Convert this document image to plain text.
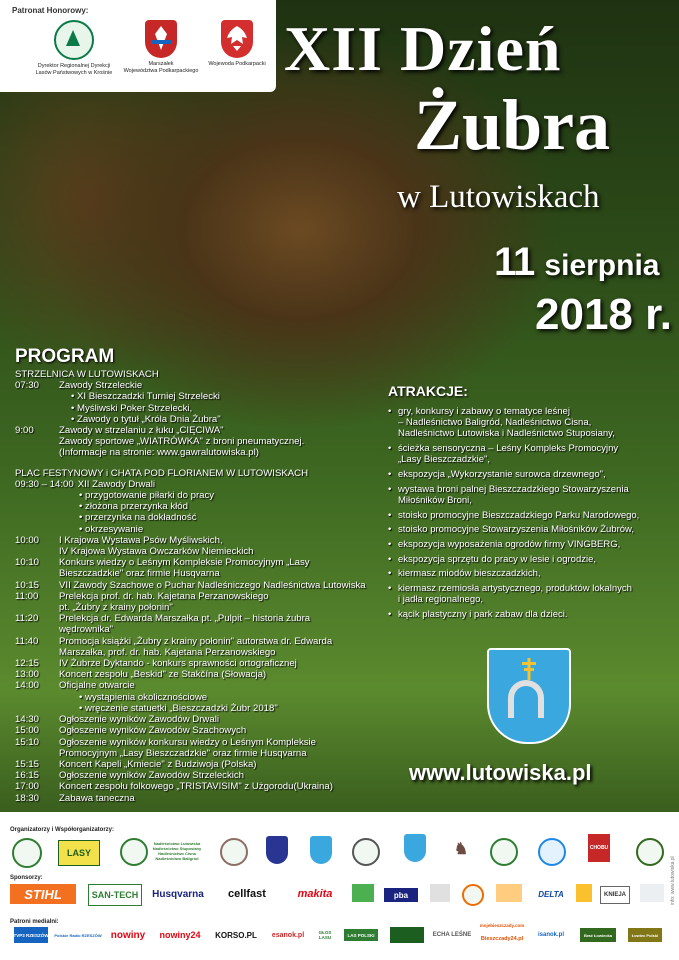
Patronat Honorowy:
Dyrektor Regionalnej Dyrekcji
Lasów Państwowych w Krośnie
Marszałek
Województwa Podkarpackiego
Wojewoda Podkarpacki XII Dzień
Żubra
w Lutowiskach
11 sierpnia
2018 r.
PROGRAM
STRZELNICA W LUTOWISKACH
07:30	Zawody Strzeleckie
• XI Bieszczadzki Turniej Strzelecki
• Myśliwski Poker Strzelecki,
• Zawody o tytuł „Króla Dnia Żubra"
9:00	Zawody w strzelaniu z łuku „CIĘCIWA"
Zawody sportowe „WIATRÓWKA" z broni pneumatycznej.
(Informacje na stronie: www.gawralutowiska.pl)
PLAC FESTYNOWY i CHATA POD FLORIANEM W LUTOWISKACH
09:30 – 14:00 XII Zawody Drwali
• przygotowanie piłarki do pracy
• złożona przerzynka kłód
• przerzynka na dokładność
• okrzesywanie
10:00	I Krajowa Wystawa Psów Myśliwskich,
IV Krajowa Wystawa Owczarków Niemieckich
10:10	Konkurs wiedzy o Leśnym Kompleksie Promocyjnym „Lasy
Bieszczadzkie" oraz firmie Husqvarna
10:15	VII Zawody Szachowe o Puchar Nadleśniczego Nadleśnictwa Lutowiska
11:00	Prelekcja prof. dr. hab. Kajetana Perzanowskiego
pt. „Żubry z krainy połonin"
11:20	Prelekcja dr. Edwarda Marszałka pt. „Pulpit – historia żubra
wędrownika"
11:40	Promocja książki „Żubry z krainy połonin" autorstwa dr. Edwarda
Marszałka, prof. dr. hab. Kajetana Perzanowskiego
12:15	IV Żubrze Dyktando - konkurs sprawności ortograficznej
13:00	Koncert zespołu „Beskid" ze Stakčína (Słowacja)
14:00	Oficjalne otwarcie
• wystąpienia okolicznościowe
• wręczenie statuetki „Bieszczadzki Żubr 2018"
14:30	Ogłoszenie wyników Zawodów Drwali
15:00	Ogłoszenie wyników Zawodów Szachowych
15:10	Ogłoszenie wyników konkursu wiedzy o Leśnym Kompleksie
Promocyjnym „Lasy Bieszczadzkie" oraz firmie Husqvarna
15:15	Koncert Kapeli „Kmiecie" z Budziwoja (Polska)
16:15	Ogłoszenie wyników Zawodów Strzeleckich
17:00	Koncert zespołu folkowego „TRISTAVISIM" z Użgorodu(Ukraina)
18:30	Zabawa taneczna
ATRAKCJE:
• gry, konkursy i zabawy o tematyce leśnej
– Nadleśnictwo Baligród, Nadleśnictwo Cisna,
Nadleśnictwo Lutowiska i Nadleśnictwo Stuposiany,
• ścieżka sensoryczna – Leśny Kompleks Promocyjny
„Lasy Bieszczadzkie",
• ekspozycja „Wykorzystanie surowca drzewnego",
• wystawa broni palnej Bieszczadzkiego Stowarzyszenia
Miłośników Broni,
• stoisko promocyjne Bieszczadzkiego Parku Narodowego,
• stoisko promocyjne Stowarzyszenia Miłośników Żubrów,
• ekspozycja wyposażenia ogrodów firmy VINGBERG,
• ekspozycja sprzętu do pracy w lesie i ogrodzie,
• kiermasz miodów bieszczadzkich,
• kiermasz rzemiosła artystycznego, produktów lokalnych
i jadła regionalnego,
• kącik plastyczny i park zabaw dla dzieci.
www.lutowiska.pl
Organizatorzy i Współorganizatorzy:
LASY
Nadleśnictwo Lutowiska
Nadleśnictwo Stuposiany
Nadleśnictwo Cisna
Nadleśnictwo Baligród
♞	CHOBU
Sponsorzy:
STIHL	SAN-TECH	Husqvarna	cellfast	makita	pba	DELTA	KNIEJA
Patroni medialni:
TVP3 RZESZÓW Polskie Radio RZESZÓW nowiny	nowiny24	KORSO.PL	esanok.pl	GŁOS LASU	LAS POLSKI	ECHA LEŚNE
mojebieszczady.com
Bieszczady24.pl
isanok.pl	Brać Łowiecka	Łowiec Polski
info: www.lutowiska.pl
